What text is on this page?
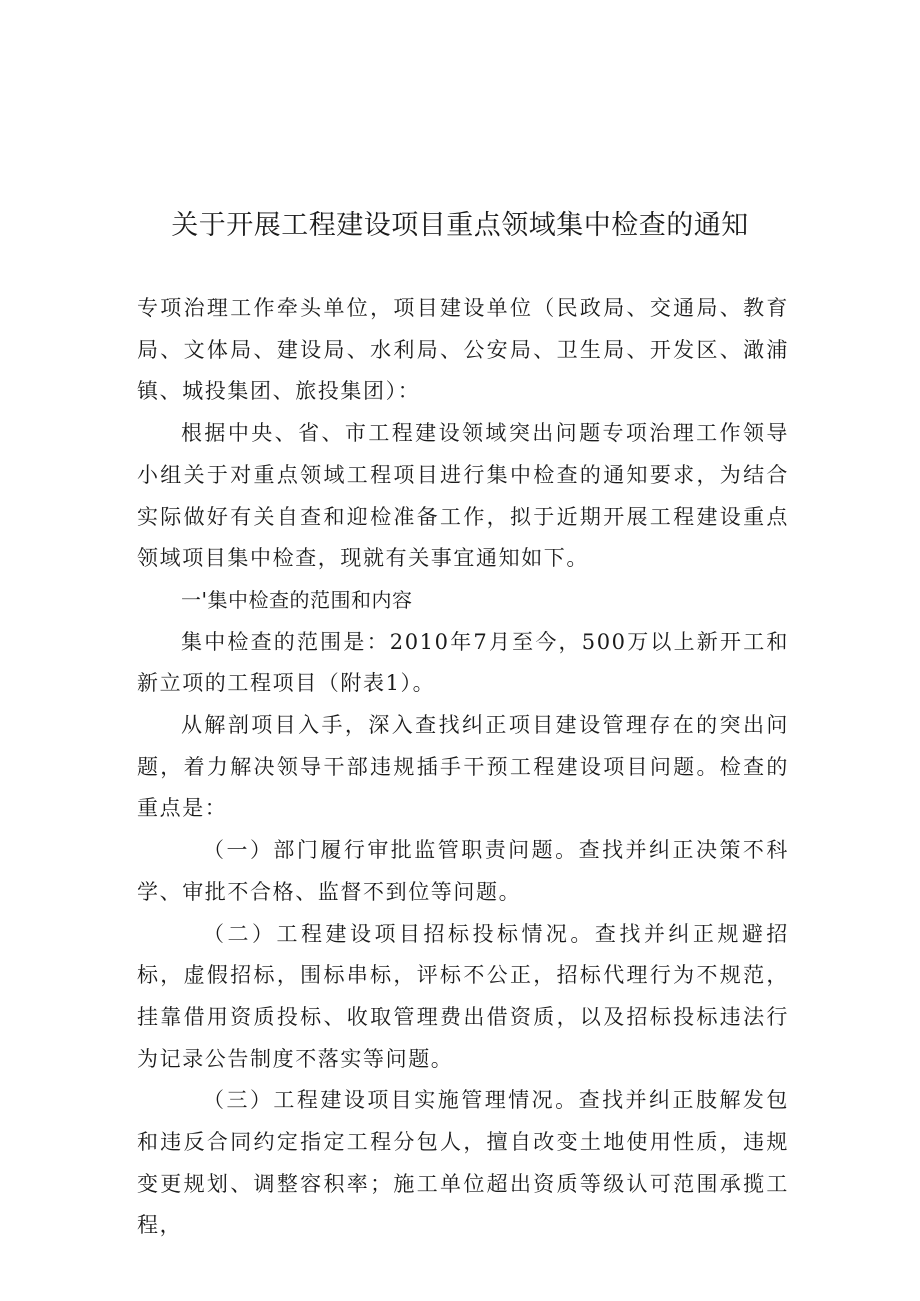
关于开展工程建设项目重点领域集中检查的通知

专项治理工作牵头单位，项目建设单位（民政局、交通局、教育局、文体局、建设局、水利局、公安局、卫生局、开发区、澉浦镇、城投集团、旅投集团）：

根据中央、省、市工程建设领域突出问题专项治理工作领导小组关于对重点领域工程项目进行集中检查的通知要求，为结合实际做好有关自查和迎检准备工作，拟于近期开展工程建设重点领域项目集中检查，现就有关事宜通知如下。

一'集中检查的范围和内容

集中检查的范围是：2010年7月至今，500万以上新开工和新立项的工程项目（附表1）。

从解剖项目入手，深入查找纠正项目建设管理存在的突出问题，着力解决领导干部违规插手干预工程建设项目问题。检查的重点是：

（一）部门履行审批监管职责问题。查找并纠正决策不科学、审批不合格、监督不到位等问题。

（二）工程建设项目招标投标情况。查找并纠正规避招标，虚假招标，围标串标，评标不公正，招标代理行为不规范，挂靠借用资质投标、收取管理费出借资质，以及招标投标违法行为记录公告制度不落实等问题。

（三）工程建设项目实施管理情况。查找并纠正肢解发包和违反合同约定指定工程分包人，擅自改变土地使用性质，违规变更规划、调整容积率；施工单位超出资质等级认可范围承揽工程，
